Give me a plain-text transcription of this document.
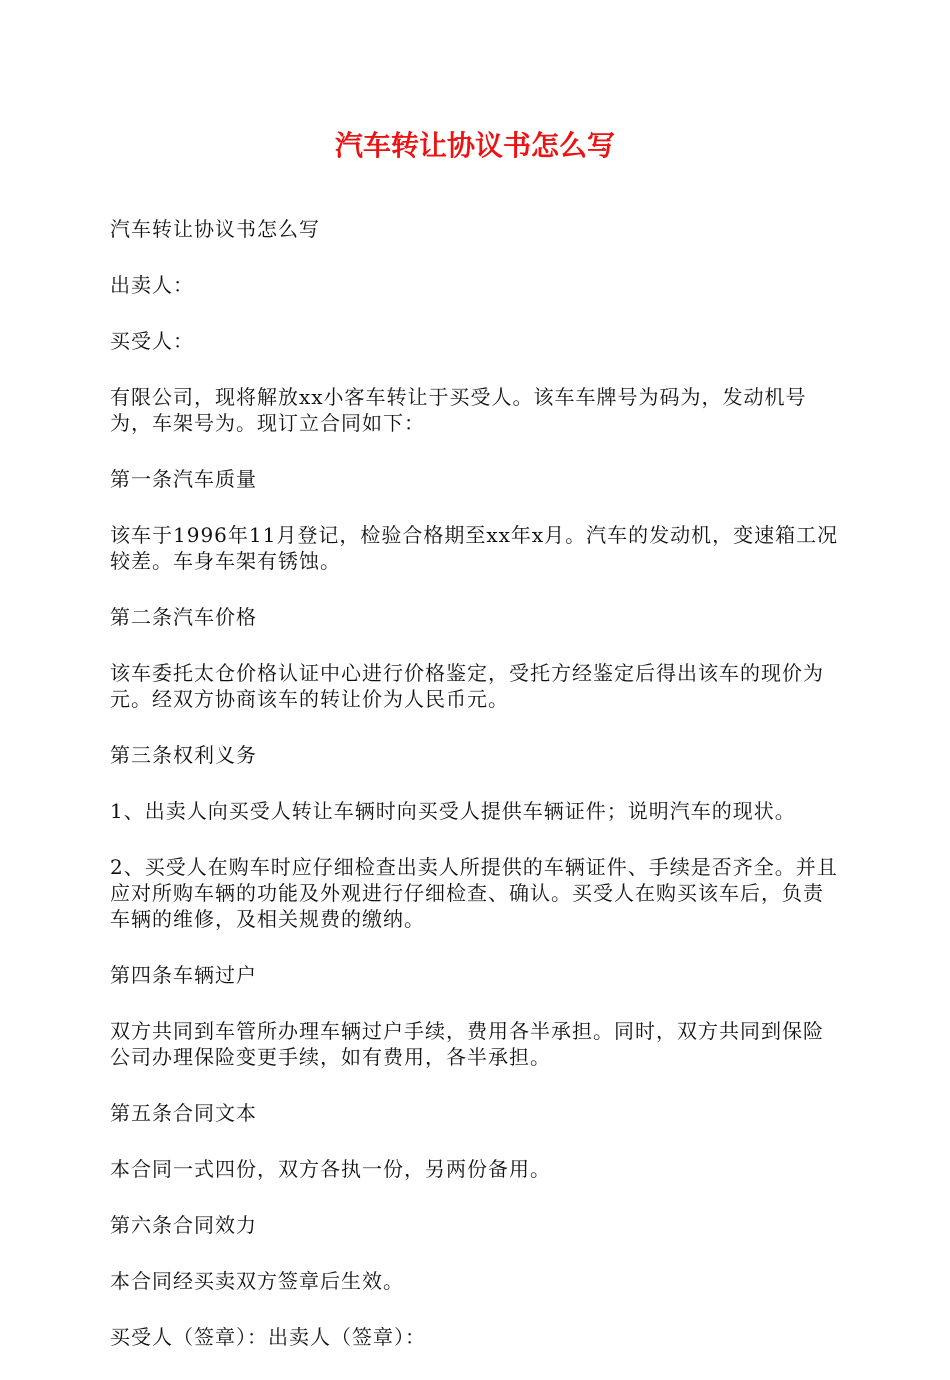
汽车转让协议书怎么写

汽车转让协议书怎么写

出卖人：

买受人：

有限公司，现将解放xx小客车转让于买受人。该车车牌号为码为，发动机号为，车架号为。现订立合同如下：

第一条汽车质量

该车于1996年11月登记，检验合格期至xx年x月。汽车的发动机，变速箱工况较差。车身车架有锈蚀。

第二条汽车价格

该车委托太仓价格认证中心进行价格鉴定，受托方经鉴定后得出该车的现价为元。经双方协商该车的转让价为人民币元。

第三条权利义务

1、出卖人向买受人转让车辆时向买受人提供车辆证件；说明汽车的现状。

2、买受人在购车时应仔细检查出卖人所提供的车辆证件、手续是否齐全。并且应对所购车辆的功能及外观进行仔细检查、确认。买受人在购买该车后，负责车辆的维修，及相关规费的缴纳。

第四条车辆过户

双方共同到车管所办理车辆过户手续，费用各半承担。同时，双方共同到保险公司办理保险变更手续，如有费用，各半承担。

第五条合同文本

本合同一式四份，双方各执一份，另两份备用。

第六条合同效力

本合同经买卖双方签章后生效。

买受人（签章）：出卖人（签章）：
